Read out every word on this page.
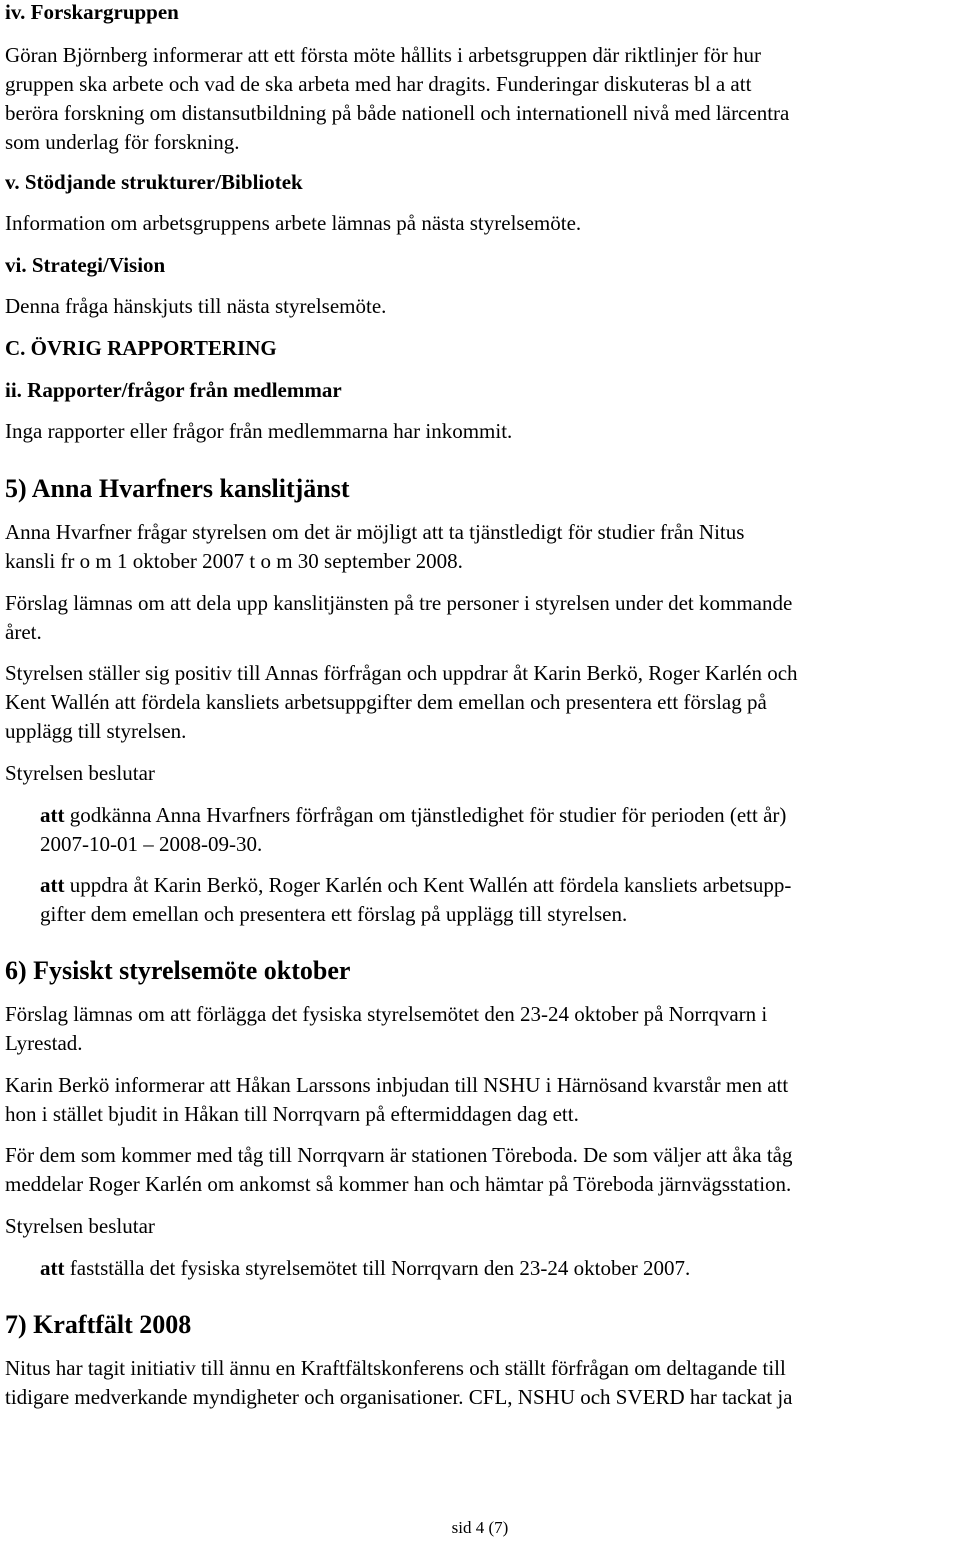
iv. Forskargruppen
Göran Björnberg informerar att ett första möte hållits i arbetsgruppen där riktlinjer för hur
gruppen ska arbete och vad de ska arbeta med har dragits. Funderingar diskuteras bl a att
beröra forskning om distansutbildning på både nationell och internationell nivå med lärcentra
som underlag för forskning.
v. Stödjande strukturer/Bibliotek
Information om arbetsgruppens arbete lämnas på nästa styrelsemöte.
vi. Strategi/Vision
Denna fråga hänskjuts till nästa styrelsemöte.
C. ÖVRIG RAPPORTERING
ii. Rapporter/frågor från medlemmar
Inga rapporter eller frågor från medlemmarna har inkommit.
5) Anna Hvarfners kanslitjänst
Anna Hvarfner frågar styrelsen om det är möjligt att ta tjänstledigt för studier från Nitus
kansli fr o m 1 oktober 2007 t o m 30 september 2008.
Förslag lämnas om att dela upp kanslitjänsten på tre personer i styrelsen under det kommande
året.
Styrelsen ställer sig positiv till Annas förfrågan och uppdrar åt Karin Berkö, Roger Karlén och
Kent Wallén att fördela kansliets arbetsuppgifter dem emellan och presentera ett förslag på
upplägg till styrelsen.
Styrelsen beslutar
att godkänna Anna Hvarfners förfrågan om tjänstledighet för studier för perioden (ett år)
2007-10-01 – 2008-09-30.
att uppdra åt Karin Berkö, Roger Karlén och Kent Wallén att fördela kansliets arbetsupp-
gifter dem emellan och presentera ett förslag på upplägg till styrelsen.
6) Fysiskt styrelsemöte oktober
Förslag lämnas om att förlägga det fysiska styrelsemötet den 23-24 oktober på Norrqvarn i
Lyrestad.
Karin Berkö informerar att Håkan Larssons inbjudan till NSHU i Härnösand kvarstår men att
hon i stället bjudit in Håkan till Norrqvarn på eftermiddagen dag ett.
För dem som kommer med tåg till Norrqvarn är stationen Töreboda. De som väljer att åka tåg
meddelar Roger Karlén om ankomst så kommer han och hämtar på Töreboda järnvägsstation.
Styrelsen beslutar
att fastställa det fysiska styrelsemötet till Norrqvarn den 23-24 oktober 2007.
7) Kraftfält 2008
Nitus har tagit initiativ till ännu en Kraftfältskonferens och ställt förfrågan om deltagande till
tidigare medverkande myndigheter och organisationer. CFL, NSHU och SVERD har tackat ja
sid 4 (7)
